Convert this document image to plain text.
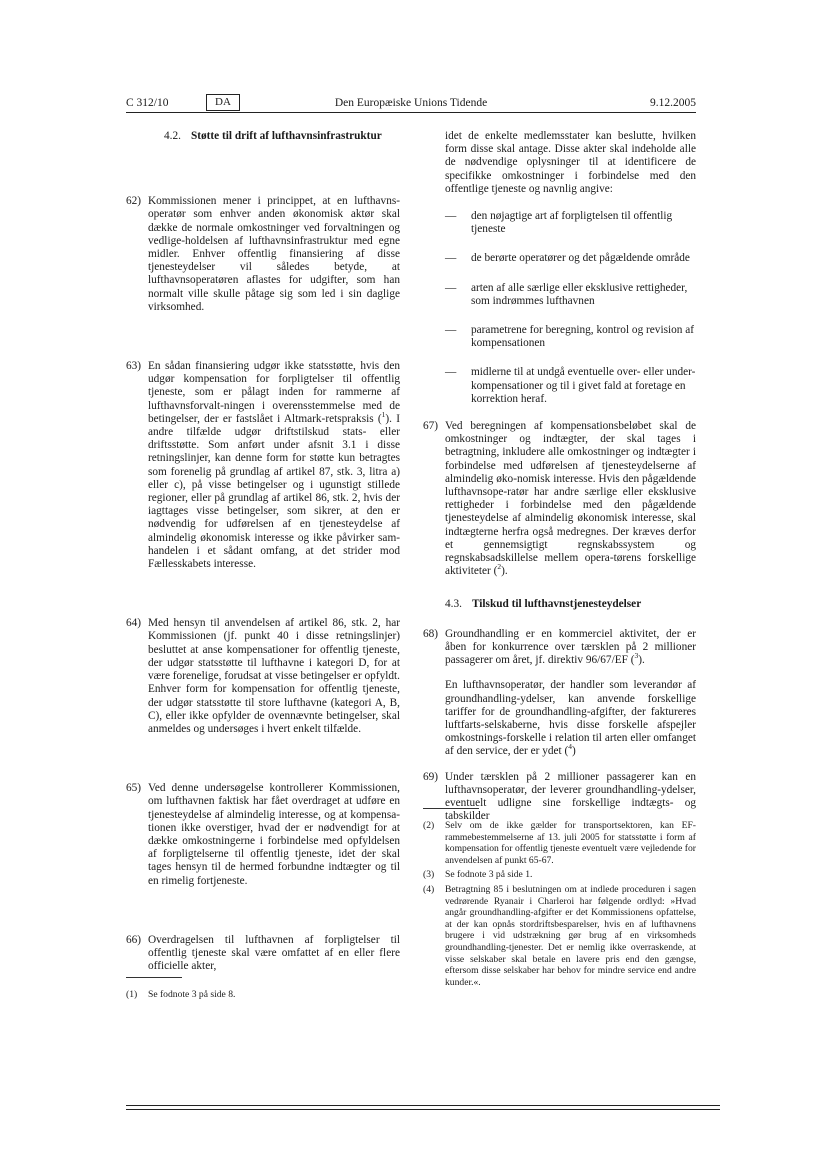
C 312/10	DA	Den Europæiske Unions Tidende	9.12.2005
4.2. Støtte til drift af lufthavnsinfrastruktur
62) Kommissionen mener i princippet, at en lufthavns-operatør som enhver anden økonomisk aktør skal dække de normale omkostninger ved forvaltningen og vedlige-holdelsen af lufthavnsinfrastruktur med egne midler. Enhver offentlig finansiering af disse tjenesteydelser vil således betyde, at lufthavnsoperatøren aflastes for udgifter, som han normalt ville skulle påtage sig som led i sin daglige virksomhed.
63) En sådan finansiering udgør ikke statsstøtte, hvis den udgør kompensation for forpligtelser til offentlig tjeneste, som er pålagt inden for rammerne af lufthavnsforvalt-ningen i overensstemmelse med de betingelser, der er fastslået i Altmark-retspraksis ($^1$). I andre tilfælde udgør driftstilskud stats- eller driftsstøtte. Som anført under afsnit 3.1 i disse retningslinjer, kan denne form for støtte kun betragtes som forenelig på grundlag af artikel 87, stk. 3, litra a) eller c), på visse betingelser og i ugunstigt stillede regioner, eller på grundlag af artikel 86, stk. 2, hvis der iagttages visse betingelser, som sikrer, at den er nødvendig for udførelsen af en tjenesteydelse af almindelig økonomisk interesse og ikke påvirker sam-handelen i et sådant omfang, at det strider mod Fællesskabets interesse.
64) Med hensyn til anvendelsen af artikel 86, stk. 2, har Kommissionen (jf. punkt 40 i disse retningslinjer) besluttet at anse kompensationer for offentlig tjeneste, der udgør statsstøtte til lufthavne i kategori D, for at være forenelige, forudsat at visse betingelser er opfyldt. Enhver form for kompensation for offentlig tjeneste, der udgør statsstøtte til store lufthavne (kategori A, B, C), eller ikke opfylder de ovennævnte betingelser, skal anmeldes og undersøges i hvert enkelt tilfælde.
65) Ved denne undersøgelse kontrollerer Kommissionen, om lufthavnen faktisk har fået overdraget at udføre en tjenesteydelse af almindelig interesse, og at kompensa-tionen ikke overstiger, hvad der er nødvendigt for at dække omkostningerne i forbindelse med opfyldelsen af forpligtelserne til offentlig tjeneste, idet der skal tages hensyn til de hermed forbundne indtægter og til en rimelig fortjeneste.
66) Overdragelsen til lufthavnen af forpligtelser til offentlig tjeneste skal være omfattet af en eller flere officielle akter,
(1)	Se fodnote 3 på side 8.
idet de enkelte medlemsstater kan beslutte, hvilken form disse skal antage. Disse akter skal indeholde alle de nødvendige oplysninger til at identificere de specifikke omkostninger i forbindelse med den offentlige tjeneste og navnlig angive:
—	den nøjagtige art af forpligtelsen til offentlig tjeneste
—	de berørte operatører og det pågældende område
—	arten af alle særlige eller eksklusive rettigheder, som indrømmes lufthavnen
—	parametrene for beregning, kontrol og revision af kompensationen
—	midlerne til at undgå eventuelle over- eller under-kompensationer og til i givet fald at foretage en korrektion heraf.
67) Ved beregningen af kompensationsbeløbet skal de omkostninger og indtægter, der skal tages i betragtning, inkludere alle omkostninger og indtægter i forbindelse med udførelsen af tjenesteydelserne af almindelig øko-nomisk interesse. Hvis den pågældende lufthavnsope-ratør har andre særlige eller eksklusive rettigheder i forbindelse med den pågældende tjenesteydelse af almindelig økonomisk interesse, skal indtægterne herfra også medregnes. Der kræves derfor et gennemsigtigt regnskabssystem og regnskabsadskillelse mellem opera-tørens forskellige aktiviteter ($^2$).
4.3. Tilskud til lufthavnstjenesteydelser
68) Groundhandling er en kommerciel aktivitet, der er åben for konkurrence over tærsklen på 2 millioner passagerer om året, jf. direktiv 96/67/EF ($^3$).
En lufthavnsoperatør, der handler som leverandør af groundhandling-ydelser, kan anvende forskellige tariffer for de groundhandling-afgifter, der faktureres luftfarts-selskaberne, hvis disse forskelle afspejler omkostnings-forskelle i relation til arten eller omfanget af den service, der er ydet ($^4$)
69) Under tærsklen på 2 millioner passagerer kan en lufthavnsoperatør, der leverer groundhandling-ydelser, eventuelt udligne sine forskellige indtægts- og tabskilder
(2)	Selv om de ikke gælder for transportsektoren, kan EF-rammebestemmelserne af 13. juli 2005 for statsstøtte i form af kompensation for offentlig tjeneste eventuelt være vejledende for anvendelsen af punkt 65-67.
(3)	Se fodnote 3 på side 1.
(4)	Betragtning 85 i beslutningen om at indlede proceduren i sagen vedrørende Ryanair i Charleroi har følgende ordlyd: »Hvad angår groundhandling-afgifter er det Kommissionens opfattelse, at der kan opnås stordriftsbesparelser, hvis en af lufthavnens brugere i vid udstrækning gør brug af en virksomheds groundhandling-tjenester. Det er nemlig ikke overraskende, at visse selskaber skal betale en lavere pris end den gængse, eftersom disse selskaber har behov for mindre service end andre kunder.«.
